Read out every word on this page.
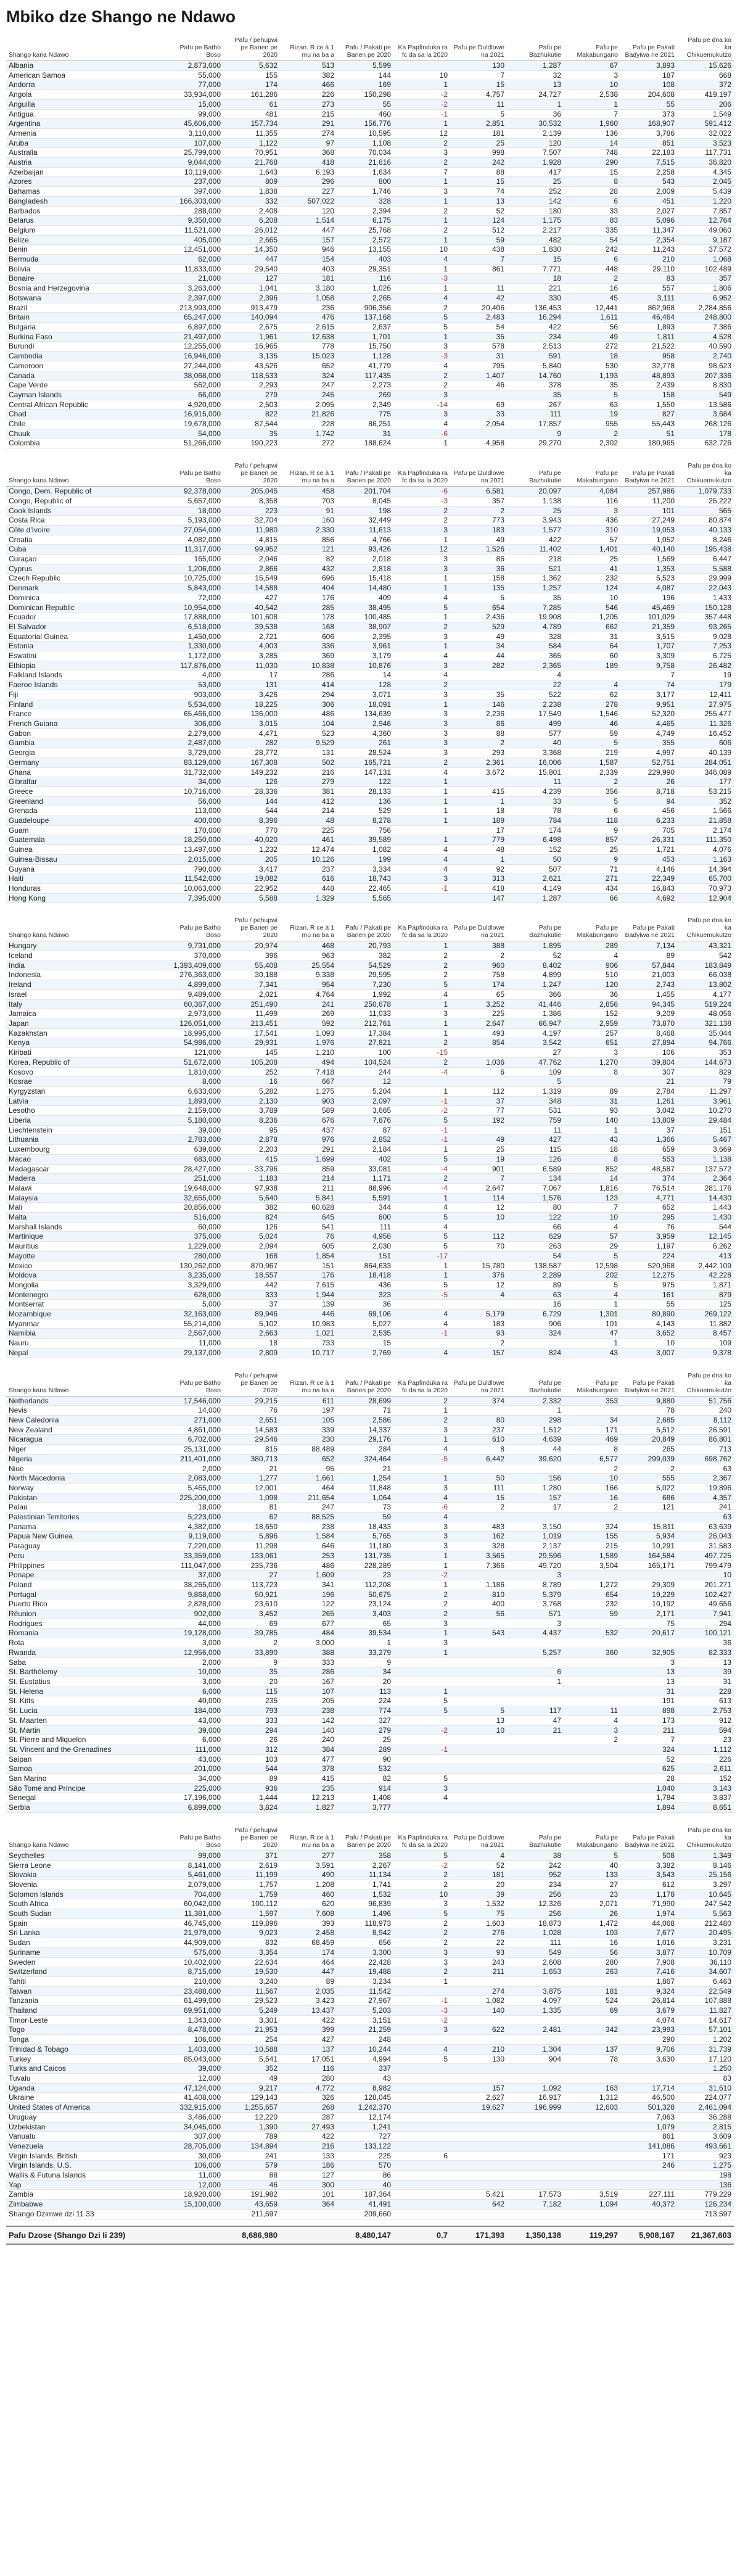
Mbiko dze Shango ne Ndawo
Shango kana Ndawo	Pafu pe Batho Boso	Pafu / pehupwi pe Banen pe 2020	Rizan. R ce à 1 mu na ba a	Pafu / Pakati pe Banen pe 2020	Ka Papfinduka ra fc da sa la 2020	Pafu pe Duldlowe na 2021	Pafu pe Bazhukutie	Pafu pe Makabungano	Pafu pe Pakati Badyiwa ne 2021	Pafu pe dna ko ka Chikuemukutzo
Albania	2,873,000	5,632	513	5,599		130	1,287	67	3,893	15,626
American Samoa	55,000	155	382	144	10	7	32	3	187	668
Andorra	77,000	174	466	169	1	15	13	10	108	372
Angola	33,934,000	161,286	226	150,298	-2	4,757	24,727	2,538	204,608	419,197
Anguilla	15,000	61	273	55	-2	11	1	1	55	206
Antigua	99,000	481	215	460	-1	5	36	7	373	1,549
Argentina	45,606,000	157,734	291	156,776	1	2,851	30,532	1,960	168,907	591,412
Armenia	3,110,000	11,355	274	10,595	12	181	2,139	136	3,786	32,022
Aruba	107,000	1,122	97	1,108	2	25	120	14	851	3,523
Australia	25,799,000	70,951	368	70,034	3	998	7,507	748	22,183	117,731
Austria	9,044,000	21,768	418	21,616	2	242	1,928	290	7,515	36,820
Azerbaijan	10,119,000	1,643	6,193	1,634	7	88	417	15	2,258	4,345
Azores	237,000	809	296	800	1	15	25	8	543	2,045
Bahamas	397,000	1,838	227	1,746	3	74	252	28	2,009	5,439
Bangladesh	166,303,000	332	507,022	328	1	13	142	6	451	1,220
Barbados	288,000	2,408	120	2,394	2	52	180	33	2,027	7,857
Belarus	9,350,000	6,208	1,514	6,175	1	124	1,175	83	5,096	12,764
Belgium	11,521,000	26,012	447	25,768	2	512	2,217	335	11,347	49,060
Belize	405,000	2,665	157	2,572	1	59	482	54	2,354	9,187
Benin	12,451,000	14,350	946	13,155	10	438	1,830	242	11,243	37,572
Bermuda	62,000	447	154	403	4	7	15	6	210	1,068
Bolivia	11,833,000	29,540	403	29,351	1	861	7,771	448	29,110	102,489
Bonaire	21,000	127	181	116	-3		18	2	83	357
Bosnia and Herzegovina	3,263,000	1,041	3,180	1,026	1	11	221	16	557	1,806
Botswana	2,397,000	2,396	1,058	2,265	4	42	330	45	3,111	6,952
Brazil	213,993,000	913,479	236	906,356	2	20,406	136,453	12,441	862,968	2,284,856
Britain	65,247,000	140,094	476	137,168	5	2,483	16,294	1,611	46,464	248,800
Bulgaria	6,897,000	2,675	2,615	2,637	5	54	422	56	1,893	7,386
Burkina Faso	21,497,000	1,961	12,638	1,701	1	35	234	49	1,811	4,528
Burundi	12,255,000	16,965	778	15,750	3	578	2,513	272	21,522	40,590
Cambodia	16,946,000	3,135	15,023	1,128	-3	31	591	18	958	2,740
Cameroon	27,244,000	43,526	652	41,779	4	795	5,840	530	32,778	98,623
Canada	38,068,000	118,533	324	117,435	2	1,407	14,760	1,193	48,893	207,336
Cape Verde	562,000	2,293	247	2,273	2	46	378	35	2,439	8,830
Cayman Islands	66,000	279	245	269	3		35	5	158	549
Central African Republic	4,920,000	2,503	2,095	2,349	-14	69	267	63	1,550	13,586
Chad	16,915,000	822	21,826	775	3	33	111	19	827	3,684
Chile	19,678,000	87,544	228	86,251	4	2,054	17,857	955	55,443	268,126
Chuuk	54,000	35	1,742	31	-6		9	2	51	178
Colombia	51,266,000	190,223	272	188,624	1	4,958	29,270	2,302	180,965	632,726
Shango kana Ndawo	Pafu pe Batho Boso	Pafu / pehupwi pe Banen pe 2020	Rizan. R ce à 1 mu na ba a	Pafu / Pakati pe Banen pe 2020	Ka Papfinduka ra fc da sa la 2020	Pafu pe Duldlowe na 2021	Pafu pe Bazhukutie	Pafu pe Makabungano	Pafu pe Pakati Badyiwa ne 2021	Pafu pe dna ko ka Chikuemukutzo
Congo, Dem. Republic of	92,378,000	205,045	458	201,704	-6	6,581	20,097	4,084	257,986	1,079,733
Congo, Republic of	5,657,000	8,358	703	8,045	-3	357	1,138	116	11,200	25,222
Cook Islands	18,000	223	91	198	2	2	25	3	101	565
Costa Rica	5,193,000	32,704	160	32,449	2	773	3,943	436	27,249	80,874
Côte d'Ivoire	27,054,000	11,980	2,330	11,613	3	183	1,577	310	19,053	40,133
Croatia	4,082,000	4,815	856	4,766	1	49	422	57	1,052	8,246
Cuba	11,317,000	99,952	121	93,426	12	1,526	11,402	1,401	40,140	195,438
Curaçao	165,000	2,046	82	2,018	3	86	218	25	1,569	6,447
Cyprus	1,206,000	2,866	432	2,818	3	36	521	41	1,353	5,588
Czech Republic	10,725,000	15,549	696	15,418	1	158	1,362	232	5,523	29,999
Denmark	5,843,000	14,588	404	14,480	1	135	1,257	124	4,087	22,043
Dominica	72,000	427	176	409	4	5	35	10	196	1,433
Dominican Republic	10,954,000	40,542	285	38,495	5	654	7,285	546	45,469	150,128
Ecuador	17,888,000	101,608	178	100,485	1	2,436	19,908	1,205	101,029	357,448
El Salvador	6,518,000	39,538	168	38,907	2	529	4,789	662	21,359	93,265
Equatorial Guinea	1,450,000	2,721	606	2,395	3	49	328	31	3,515	9,028
Estonia	1,330,000	4,003	336	3,961	1	34	584	64	1,707	7,253
Eswatini	1,172,000	3,285	369	3,179	4	44	365	60	3,309	6,725
Ethiopia	117,876,000	11,030	10,838	10,876	3	282	2,365	189	9,758	26,482
Falkland Islands	4,000	17	286	14	4		4		7	19
Faeroe Islands	53,000	131	414	128	2		22	4	74	179
Fiji	903,000	3,426	294	3,071	3	35	522	62	3,177	12,411
Finland	5,534,000	18,225	306	18,091	1	146	2,238	278	9,951	27,975
France	65,466,000	136,000	486	134,639	3	2,236	17,549	1,546	52,320	255,477
French Guiana	306,000	3,015	104	2,946	3	86	499	46	4,465	11,326
Gabon	2,279,000	4,471	523	4,360	3	88	577	59	4,749	16,452
Gambia	2,487,000	282	9,529	261	3	2	40	5	355	606
Georgia	3,729,000	28,772	131	28,524	3	293	3,368	219	4,997	40,139
Germany	83,129,000	167,308	502	165,721	2	2,361	16,006	1,587	52,751	284,051
Ghana	31,732,000	149,232	216	147,131	4	3,672	15,801	2,339	229,990	346,089
Gibraltar	34,000	126	279	122	1		11	2	26	177
Greece	10,716,000	28,336	381	28,133	1	415	4,239	356	8,718	53,215
Greenland	56,000	144	412	136	1	1	33	5	94	352
Grenada	113,000	544	214	529	1	18	78	6	456	1,566
Guadeloupe	400,000	8,396	48	8,278	1	189	784	118	6,233	21,858
Guam	170,000	770	225	756		17	174	9	705	2,174
Guatemala	18,250,000	40,020	461	39,589	1	779	6,498	857	26,331	111,350
Guinea	13,497,000	1,232	12,474	1,082	4	48	152	25	1,721	4,076
Guinea-Bissau	2,015,000	205	10,126	199	4	1	50	9	453	1,163
Guyana	790,000	3,417	237	3,334	4	92	507	71	4,146	14,394
Haiti	11,542,000	19,082	616	18,743	3	313	2,621	271	22,349	65,700
Honduras	10,063,000	22,952	448	22,465	-1	418	4,149	434	16,843	70,973
Hong Kong	7,395,000	5,588	1,329	5,565		147	1,287	66	4,692	12,904
Shango kana Ndawo	Pafu pe Batho Boso	Pafu / pehupwi pe Banen pe 2020	Rizan. R ce à 1 mu na ba a	Pafu / Pakati pe Banen pe 2020	Ka Papfinduka ra fc da sa la 2020	Pafu pe Duldlowe na 2021	Pafu pe Bazhukutie	Pafu pe Makabungano	Pafu pe Pakati Badyiwa ne 2021	Pafu pe dna ko ka Chikuemukutzo
Hungary	9,731,000	20,974	468	20,793	1	388	1,895	289	7,134	43,321
Iceland	370,000	396	963	382	2	2	52	4	89	542
India	1,393,409,000	55,408	25,554	54,529	2	960	8,402	906	57,844	183,849
Indonesia	276,363,000	30,188	9,338	29,595	2	758	4,899	510	21,003	66,038
Ireland	4,899,000	7,341	954	7,230	5	174	1,247	120	2,743	13,802
Israel	9,489,000	2,021	4,764	1,992	4	65	366	36	1,455	4,177
Italy	60,367,000	251,490	241	250,678	1	3,252	41,446	2,856	94,345	519,224
Jamaica	2,973,000	11,499	269	11,033	3	225	1,386	152	9,209	48,056
Japan	126,051,000	213,451	592	212,761	1	2,647	66,947	2,959	73,870	321,138
Kazakhstan	18,995,000	17,541	1,093	17,384	1	493	4,197	257	8,468	35,044
Kenya	54,986,000	29,931	1,976	27,821	2	854	3,542	651	27,894	94,766
Kiribati	121,000	145	1,210	100	-15		27	3	106	353
Korea, Republic of	51,672,000	105,208	494	104,524	2	1,036	47,762	1,270	39,804	144,673
Kosovo	1,810,000	252	7,418	244	-4	6	109	8	307	829
Kosrae	8,000	16	667	12			5		21	79
Kyrgyzstan	6,633,000	5,282	1,275	5,204	1	112	1,319	89	2,784	11,297
Latvia	1,893,000	2,130	903	2,097	-1	37	348	31	1,261	3,961
Lesotho	2,159,000	3,789	589	3,665	-2	77	531	93	3,042	10,270
Liberia	5,180,000	8,236	676	7,876	5	192	759	140	13,809	29,484
Liechtenstein	39,000	95	437	87	-1		11	1	37	151
Lithuania	2,783,000	2,878	976	2,852	-1	49	427	43	1,366	5,467
Luxembourg	639,000	2,203	291	2,184	1	25	115	18	659	3,669
Macao	683,000	415	1,699	402	5	19	126	8	553	1,138
Madagascar	28,427,000	33,796	859	33,081	-4	901	6,589	852	48,587	137,572
Madeira	251,000	1,183	214	1,171	2	7	134	14	374	2,364
Malawi	19,648,000	97,938	211	88,996	-4	2,647	7,067	1,816	76,514	281,176
Malaysia	32,655,000	5,640	5,841	5,591	1	114	1,576	123	4,771	14,430
Mali	20,856,000	382	60,628	344	4	12	80	7	652	1,443
Malta	516,000	824	645	800	5	10	122	10	295	1,430
Marshall Islands	60,000	126	541	111	4		66	4	76	544
Martinique	375,000	5,024	76	4,956	5	112	629	57	3,959	12,145
Mauritius	1,229,000	2,094	605	2,030	5	70	263	29	1,197	6,262
Mayotte	280,000	168	1,854	151	-17		54	5	224	413
Mexico	130,262,000	870,967	151	864,633	1	15,780	138,587	12,598	520,968	2,442,109
Moldova	3,235,000	18,557	176	18,418	1	376	2,289	202	12,275	42,228
Mongolia	3,329,000	442	7,615	436	5	12	89	5	975	1,871
Montenegro	628,000	333	1,944	323	-5	4	63	4	161	879
Montserrat	5,000	37	139	36			16	1	55	125
Mozambique	32,163,000	89,946	446	69,106	4	5,179	6,729	1,301	80,890	269,122
Myanmar	55,214,000	5,102	10,983	5,027	4	183	906	101	4,143	11,882
Namibia	2,567,000	2,663	1,021	2,535	-1	93	324	47	3,652	8,457
Nauru	11,000	18	733	15		2		1	10	109
Nepal	29,137,000	2,809	10,717	2,769	4	157	824	43	3,007	9,378
Shango kana Ndawo	Pafu pe Batho Boso	Pafu / pehupwi pe Banen pe 2020	Rizan. R ce à 1 mu na ba a	Pafu / Pakati pe Banen pe 2020	Ka Papfinduka ra fc da sa la 2020	Pafu pe Duldlowe na 2021	Pafu pe Bazhukutie	Pafu pe Makabungano	Pafu pe Pakati Badyiwa ne 2021	Pafu pe dna ko ka Chikuemukutzo
Netherlands	17,546,000	29,215	611	28,699	2	374	2,332	353	9,880	51,756
Nevis	14,000	76	197	71	1		1		78	240
New Caledonia	271,000	2,651	105	2,586	2	80	298	34	2,685	8,112
New Zealand	4,861,000	14,583	339	14,337	3	237	1,512	171	5,512	26,591
Nicaragua	6,702,000	29,546	230	29,176	1	610	4,639	469	20,849	86,801
Niger	25,131,000	815	88,489	284	4	8	44	8	265	713
Nigeria	211,401,000	380,713	652	324,464	-5	6,442	39,620	6,577	299,039	698,762
Niue	2,000	21	95	21				2	2	63
North Macedonia	2,083,000	1,277	1,661	1,254	1	50	156	10	555	2,367
Norway	5,465,000	12,001	464	11,848	3	111	1,280	166	5,022	19,896
Pakistan	225,200,000	1,098	211,654	1,064	4	15	157	16	686	4,357
Palau	18,000	81	247	73	-6	2	17	2	121	241
Palestinian Territories	5,223,000	62	88,525	59	4					63
Panama	4,382,000	18,650	238	18,433	3	483	3,150	324	15,811	63,639
Papua New Guinea	9,119,000	5,896	1,584	5,765	3	162	1,019	155	5,934	26,043
Paraguay	7,220,000	11,298	646	11,180	3	328	2,137	215	10,291	31,583
Peru	33,359,000	133,061	253	131,735	1	3,565	29,596	1,589	164,584	497,725
Philippines	111,047,000	235,736	486	228,289	1	7,366	49,720	3,504	165,171	799,479
Ponape	37,000	27	1,609	23	-2		3			10
Poland	38,265,000	113,723	341	112,208	1	1,186	8,789	1,272	29,309	201,271
Portugal	9,868,000	50,921	196	50,675	2	810	5,379	654	19,229	102,427
Puerto Rico	2,828,000	23,610	122	23,124	2	400	3,768	232	10,192	49,656
Réunion	902,000	3,452	265	3,403	2	56	571	59	2,171	7,941
Rodrigues	44,000	69	677	65	3		3		75	294
Romania	19,128,000	39,785	484	39,534	1	543	4,437	532	20,617	100,121
Rota	3,000	2	3,000	1	3					36
Rwanda	12,956,000	33,890	388	33,279	1		5,257	360	32,905	82,333
Saba	2,000	9	333	9					3	13
St. Barthélemy	10,000	35	286	34			6		13	39
St. Eustatius	3,000	20	167	20			1		13	31
St. Helena	6,000	115	107	113	1				31	228
St. Kitts	40,000	235	205	224	5				191	613
St. Lucia	184,000	793	238	774	5	5	117	11	898	2,753
St. Maarten	43,000	333	142	327		13	47	4	173	912
St. Martin	39,000	294	140	279	-2	10	21	3	211	594
St. Pierre and Miquelon	6,000	26	240	25				2	7	23
St. Vincent and the Grenadines	111,000	312	384	289	-1				324	1,112
Saipan	43,000	103	477	90					52	226
Samoa	201,000	544	378	532					625	2,611
San Marino	34,000	89	415	82	5				28	152
São Tomé and Príncipe	225,000	936	235	914	3				1,040	3,143
Senegal	17,196,000	1,444	12,213	1,408	4				1,784	3,837
Serbia	6,899,000	3,824	1,827	3,777					1,894	8,651
Shango kana Ndawo	Pafu pe Batho Boso	Pafu / pehupwi pe Banen pe 2020	Rizan. R ce à 1 mu na ba a	Pafu / Pakati pe Banen pe 2020	Ka Papfinduka ra fc da sa la 2020	Pafu pe Duldlowe na 2021	Pafu pe Bazhukutie	Pafu pe Makabungano	Pafu pe Pakati Badyiwa ne 2021	Pafu pe dna ko ka Chikuemukutzo
Seychelles	99,000	371	277	358	5	4	38	5	508	1,349
Sierra Leone	8,141,000	2,619	3,591	2,267	-2	52	242	40	3,382	8,146
Slovakia	5,461,000	11,199	490	11,134	2	181	952	133	3,543	25,156
Slovenia	2,079,000	1,757	1,208	1,741	2	20	234	27	612	3,297
Solomon Islands	704,000	1,759	460	1,532	10	39	256	23	1,178	10,645
South Africa	60,042,000	100,112	620	96,839	3	1,532	12,326	2,071	71,990	247,542
South Sudan	11,381,000	1,597	7,608	1,496	5	75	256	26	1,974	5,563
Spain	46,745,000	119,896	393	118,973	2	1,603	18,873	1,472	44,068	212,480
Sri Lanka	21,979,000	9,023	2,458	8,942	2	276	1,028	103	7,677	20,495
Sudan	44,909,000	832	68,459	656	2	22	111	16	1,016	3,231
Suriname	575,000	3,354	174	3,300	3	93	549	56	3,877	10,709
Sweden	10,402,000	22,634	464	22,428	3	243	2,608	280	7,908	36,110
Switzerland	8,715,000	19,530	447	19,488	2	211	1,653	263	7,416	34,607
Tahiti	210,000	3,240	89	3,234	1				1,867	6,463
Taiwan	23,488,000	11,567	2,035	11,542		274	3,875	181	9,324	22,549
Tanzania	61,499,000	29,523	3,423	27,967	-1	1,082	4,097	524	26,814	107,888
Thailand	69,951,000	5,249	13,437	5,203	-3	140	1,335	69	3,679	11,827
Timor-Leste	1,343,000	3,301	422	3,151	-2				4,074	14,617
Togo	8,478,000	21,953	399	21,259	3	622	2,481	342	23,993	57,101
Tonga	106,000	254	427	248					290	1,202
Trinidad & Tobago	1,403,000	10,588	137	10,244	4	210	1,304	137	9,706	31,739
Turkey	85,043,000	5,541	17,051	4,994	5	130	904	78	3,630	17,120
Turks and Caicos	39,000	352	116	337						1,250
Tuvalu	12,000	49	280	43						83
Uganda	47,124,000	9,217	4,772	8,982		157	1,092	163	17,714	31,610
Ukraine	41,408,000	129,143	326	128,045		2,627	16,917	1,312	46,500	224,077
United States of America	332,915,000	1,255,657	268	1,242,370		19,627	196,999	12,603	501,328	2,461,094
Uruguay	3,486,000	12,220	287	12,174					7,063	36,288
Uzbekistan	34,045,000	1,390	27,493	1,241					1,079	2,815
Vanuatu	307,000	789	422	727					861	3,609
Venezuela	28,705,000	134,894	216	133,122					141,086	493,661
Virgin Islands, British	30,000	241	133	225	6				171	923
Virgin Islands, U.S.	106,000	579	186	570					246	1,275
Wallis & Futuna Islands	11,000	88	127	86						198
Yap	12,000	46	300	40						136
Zambia	18,920,000	191,982	101	187,364		5,421	17,573	3,519	227,111	779,229
Zimbabwe	15,100,000	43,659	364	41,491		642	7,182	1,094	40,372	126,234
Shango Dzimwe dzi 11 33		211,597		209,660						713,597
Pafu Dzose (Shango Dzi Ii 239)		8,686,980		8,480,147	0.7	171,393	1,350,138	119,297	5,908,167	21,367,603
